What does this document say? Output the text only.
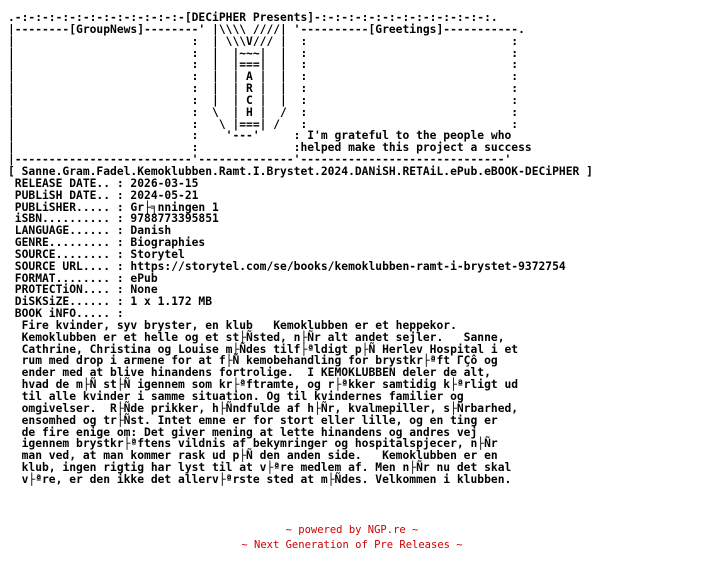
.-:-:-:-:-:-:-:-:-:-:-:-:-[DECiPHER Presents]-:-:-:-:-:-:-:-:-:-:-:-:-:.
|--------[GroupNews]--------' |\\\\ ////| '----------[Greetings]-----------.
|                          :  | \\\V/// |  :                              :
|                          :  |  |~~~|  |  :                              :
|                          :  |  |===|  |  :                              :
|                          :  |  | A |  |  :                              :
|                          :  |  | R |  |  :                              :
|                          :  |  | C |  |  :                              :
|                          :  \  | H |  /  :                              :
|                          :   \ |===| /   :                              :
|                          :    '---'     : I'm grateful to the people who
|                          :              :helped make this project a success
|--------------------------'--------------'------------------------------'
[ Sanne.Gram.Fadel.Kemoklubben.Ramt.I.Brystet.2024.DANiSH.RETAiL.ePub.eBOOK-DECiPHER ]
RELEASE DATE.. : 2026-03-15
PUBLiSH DATE.. : 2024-05-21
PUBLiSHER..... : Gr├╕nningen 1
iSBN.......... : 9788773395851
LANGUAGE...... : Danish
GENRE......... : Biographies
SOURCE........ : Storytel
SOURCE URL.... : https://storytel.com/se/books/kemoklubben-ramt-i-brystet-9372754
FORMAT........ : ePub
PROTECTiON.... : None
DiSKSiZE...... : 1 x 1.172 MB
BOOK iNFO..... :
Fire kvinder, syv bryster, en klub   Kemoklubben er et heppekor.
Kemoklubben er et helle og et st├Ñsted, n├Ñr alt andet sejler.   Sanne,
Cathrine, Christina og Louise m├Ñdes tilf├ªldigt p├Ñ Herlev Hospital i et
rum med drop i armene for at f├Ñ kemobehandling for brystkr├ªft ΓÇô og
ender med at blive hinandens fortrolige.  I KEMOKLUBBEN deler de alt,
hvad de m├Ñ st├Ñ igennem som kr├ªftramte, og r├ªkker samtidig k├ªrligt ud
til alle kvinder i samme situation. Og til kvindernes familier og
omgivelser.  R├Ñde prikker, h├Ñndfulde af h├Ñr, kvalmepiller, s├Ñrbarhed,
ensomhed og tr├Ñst. Intet emne er for stort eller lille, og en ting er
de fire enige om: Det giver mening at lette hinandens og andres vej
igennem brystkr├ªftens vildnis af bekymringer og hospitalspjecer, n├Ñr
man ved, at man kommer rask ud p├Ñ den anden side.   Kemoklubben er en
klub, ingen rigtig har lyst til at v├ªre medlem af. Men n├Ñr nu det skal
v├ªre, er den ikke det allerv├ªrste sted at m├Ñdes. Velkommen i klubben.
~ powered by NGP.re ~
~ Next Generation of Pre Releases ~
